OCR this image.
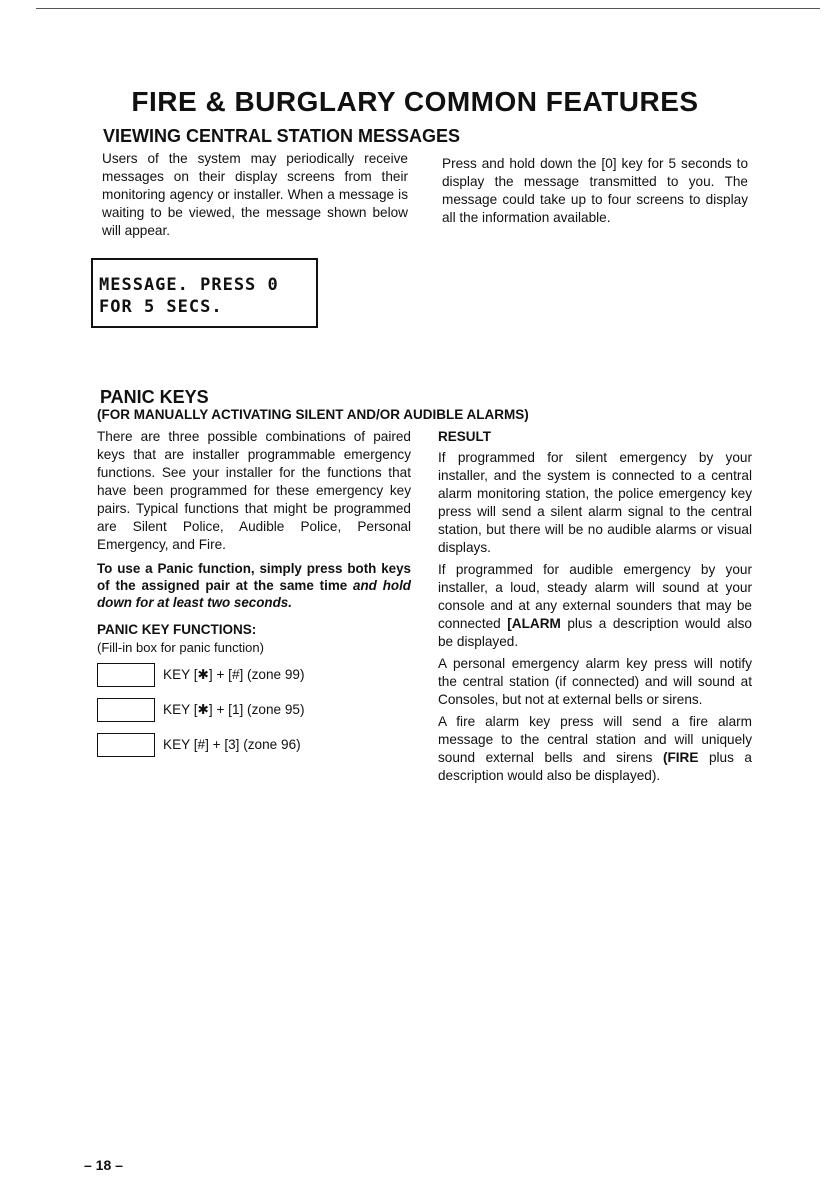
FIRE & BURGLARY COMMON FEATURES
VIEWING CENTRAL STATION MESSAGES

Users of the system may periodically receive messages on their display screens from their monitoring agency or installer. When a message is waiting to be viewed, the message shown below will appear.

Press and hold down the [0] key for 5 seconds to display the message transmitted to you. The message could take up to four screens to display all the information available.

MESSAGE. PRESS 0
FOR 5 SECS.
PANIC KEYS
(FOR MANUALLY ACTIVATING SILENT AND/OR AUDIBLE ALARMS)

There are three possible combinations of paired keys that are installer programmable emergency functions. See your installer for the functions that have been programmed for these emergency key pairs. Typical functions that might be programmed are Silent Police, Audible Police, Personal Emergency, and Fire.

To use a Panic function, simply press both keys of the assigned pair at the same time and hold down for at least two seconds.

PANIC KEY FUNCTIONS:
(Fill-in box for panic function)
KEY [✱] + [#] (zone 99)
KEY [✱] + [1] (zone 95)
KEY [#] + [3] (zone 96)
RESULT

If programmed for silent emergency by your installer, and the system is connected to a central alarm monitoring station, the police emergency key press will send a silent alarm signal to the central station, but there will be no audible alarms or visual displays.

If programmed for audible emergency by your installer, a loud, steady alarm will sound at your console and at any external sounders that may be connected [ALARM plus a description would also be displayed.

A personal emergency alarm key press will notify the central station (if connected) and will sound at Consoles, but not at external bells or sirens.

A fire alarm key press will send a fire alarm message to the central station and will uniquely sound external bells and sirens (FIRE plus a description would also be displayed).

– 18 –
